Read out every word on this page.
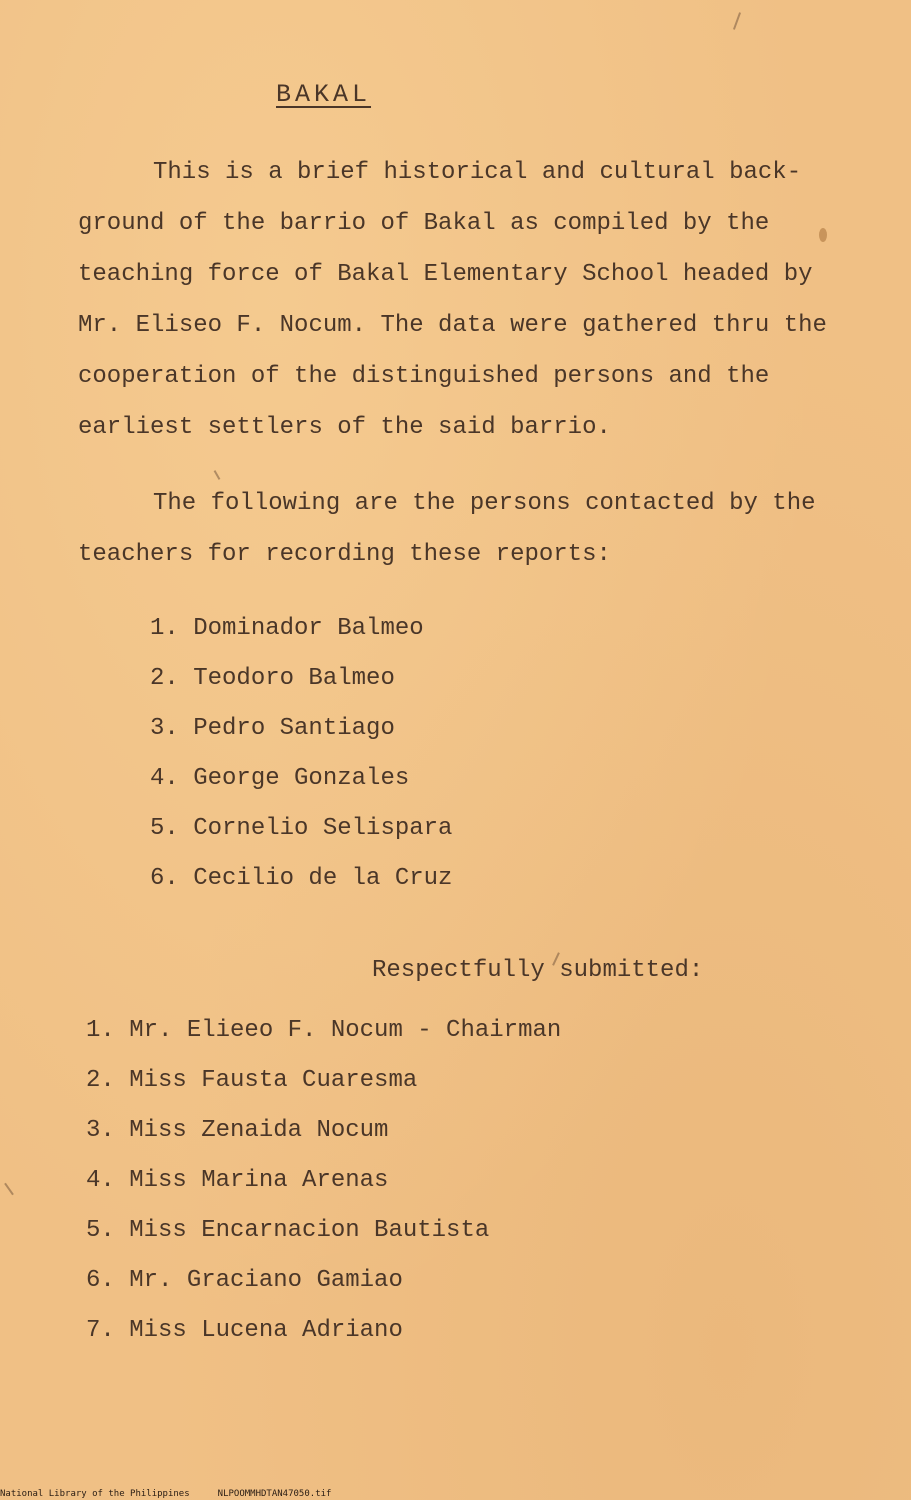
BAKAL

This is a brief historical and cultural back-
ground of the barrio of Bakal as compiled by the
teaching force of Bakal Elementary School headed by
Mr. Eliseo F. Nocum. The data were gathered thru the
cooperation of the distinguished persons and the
earliest settlers of the said barrio.

The following are the persons contacted by the
teachers for recording these reports:

1. Dominador Balmeo
2. Teodoro Balmeo
3. Pedro Santiago
4. George Gonzales
5. Cornelio Selispara
6. Cecilio de la Cruz

Respectfully submitted:

1. Mr. Elieeo F. Nocum - Chairman
2. Miss Fausta Cuaresma
3. Miss Zenaida Nocum
4. Miss Marina Arenas
5. Miss Encarnacion Bautista
6. Mr. Graciano Gamiao
7. Miss Lucena Adriano
National Library of the Philippines	NLPOOMMHDTAN47050.tif
